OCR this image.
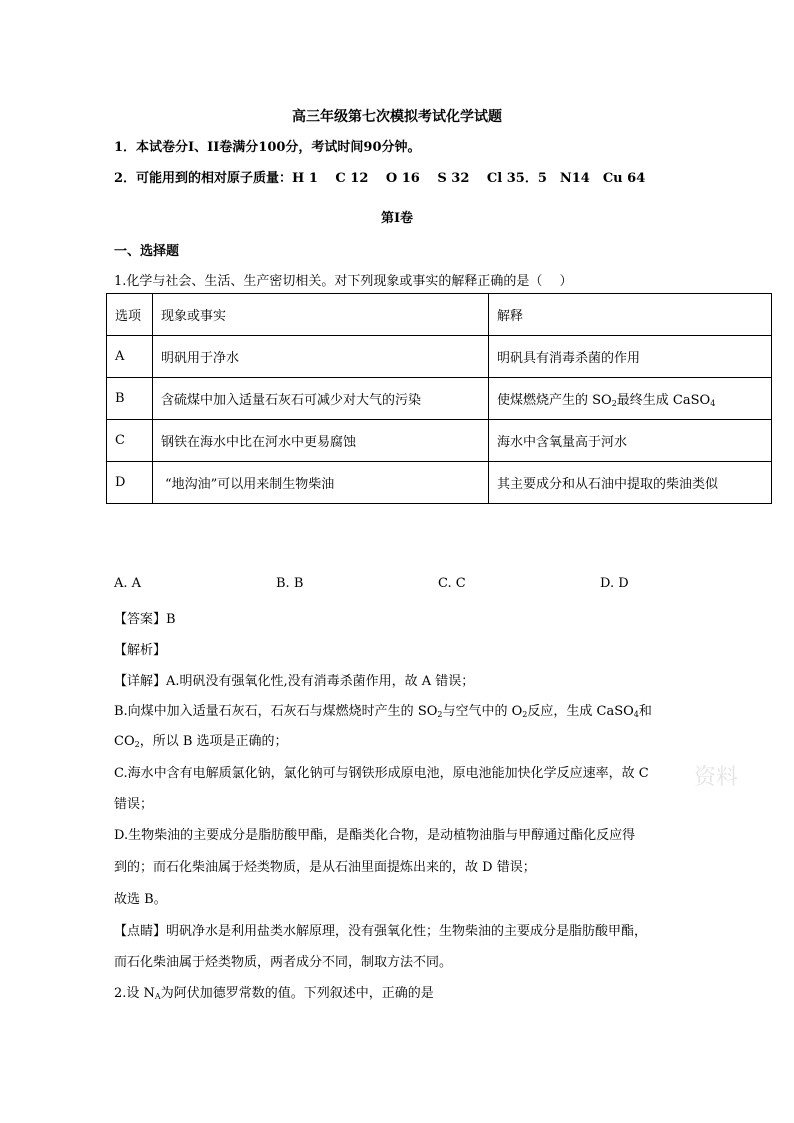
高三年级第七次模拟考试化学试题
1．本试卷分Ⅰ、II卷满分100分，考试时间90分钟。
2．可能用到的相对原子质量：H 1　 C 12　 O 16　 S 32　 Cl 35．5　N14　Cu 64
第Ⅰ卷
一、选择题
1.化学与社会、生活、生产密切相关。对下列现象或事实的解释正确的是（　 ）
选项	现象或事实	解释
A	明矾用于净水	明矾具有消毒杀菌的作用
B	含硫煤中加入适量石灰石可减少对大气的污染	使煤燃烧产生的 $SO_2$最终生成 CaSO$_4$
C	钢铁在海水中比在河水中更易腐蚀	海水中含氧量高于河水
D	“地沟油”可以用来制生物柴油	其主要成分和从石油中提取的柴油类似
A. A	B. B	C. C	D. D
【答案】B
【解析】
【详解】A.明矾没有强氧化性,没有消毒杀菌作用，故 A 错误；
B.向煤中加入适量石灰石，石灰石与煤燃烧时产生的 $SO_2$与空气中的 $O_2$反应，生成 CaSO$_4$和
$CO_2$，所以 B 选项是正确的；
C.海水中含有电解质氯化钠，氯化钠可与钢铁形成原电池，原电池能加快化学反应速率，故 C
错误；
D.生物柴油的主要成分是脂肪酸甲酯，是酯类化合物，是动植物油脂与甲醇通过酯化反应得
到的；而石化柴油属于烃类物质，是从石油里面提炼出来的，故 D 错误；
故选 B。
【点睛】明矾净水是利用盐类水解原理，没有强氧化性；生物柴油的主要成分是脂肪酸甲酯，
而石化柴油属于烃类物质，两者成分不同，制取方法不同。
2.设 $N_A$为阿伏加德罗常数的值。下列叙述中，正确的是
资料
